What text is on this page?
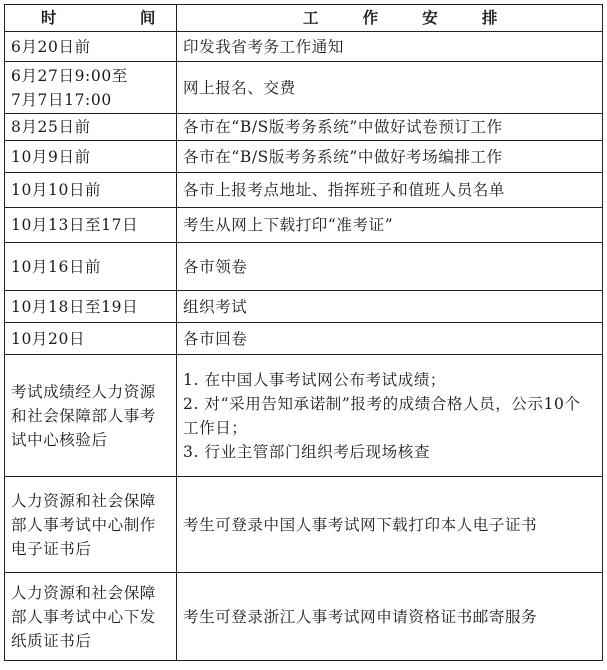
时 间	工 作 安 排

6月20日前	印发我省考务工作通知

6月27日9:00至
7月7日17:00	网上报名、交费

8月25日前	各市在“B/S版考务系统”中做好试卷预订工作

10月9日前	各市在“B/S版考务系统”中做好考场编排工作

10月10日前	各市上报考点地址、指挥班子和值班人员名单

10月13日至17日	考生从网上下载打印“准考证”

10月16日前	各市领卷

10月18日至19日	组织考试

10月20日	各市回卷

考试成绩经人力资源和社会保障部人事考试中心核验后	1. 在中国人事考试网公布考试成绩；
2. 对“采用告知承诺制”报考的成绩合格人员，公示10个工作日；
3. 行业主管部门组织考后现场核查

人力资源和社会保障部人事考试中心制作电子证书后	考生可登录中国人事考试网下载打印本人电子证书

人力资源和社会保障部人事考试中心下发纸质证书后	考生可登录浙江人事考试网申请资格证书邮寄服务
